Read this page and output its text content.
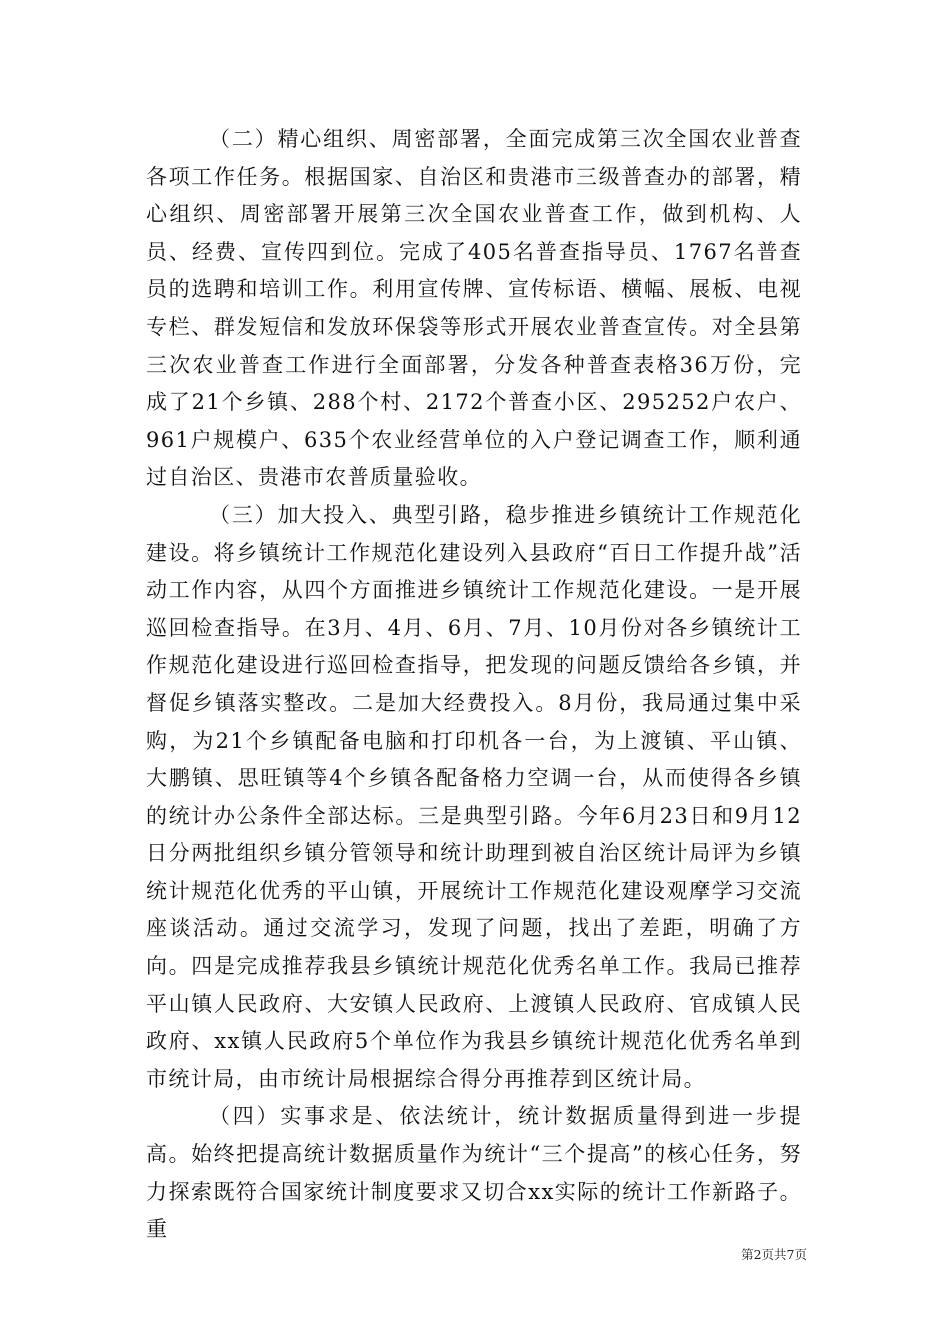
（二）精心组织、周密部署，全面完成第三次全国农业普查各项工作任务。根据国家、自治区和贵港市三级普查办的部署，精心组织、周密部署开展第三次全国农业普查工作，做到机构、人员、经费、宣传四到位。完成了405名普查指导员、1767名普查员的选聘和培训工作。利用宣传牌、宣传标语、横幅、展板、电视专栏、群发短信和发放环保袋等形式开展农业普查宣传。对全县第三次农业普查工作进行全面部署，分发各种普查表格36万份，完成了21个乡镇、288个村、2172个普查小区、295252户农户、961户规模户、635个农业经营单位的入户登记调查工作，顺利通过自治区、贵港市农普质量验收。

（三）加大投入、典型引路，稳步推进乡镇统计工作规范化建设。将乡镇统计工作规范化建设列入县政府“百日工作提升战”活动工作内容，从四个方面推进乡镇统计工作规范化建设。一是开展巡回检查指导。在3月、4月、6月、7月、10月份对各乡镇统计工作规范化建设进行巡回检查指导，把发现的问题反馈给各乡镇，并督促乡镇落实整改。二是加大经费投入。8月份，我局通过集中采购，为21个乡镇配备电脑和打印机各一台，为上渡镇、平山镇、大鹏镇、思旺镇等4个乡镇各配备格力空调一台，从而使得各乡镇的统计办公条件全部达标。三是典型引路。今年6月23日和9月12日分两批组织乡镇分管领导和统计助理到被自治区统计局评为乡镇统计规范化优秀的平山镇，开展统计工作规范化建设观摩学习交流座谈活动。通过交流学习，发现了问题，找出了差距，明确了方向。四是完成推荐我县乡镇统计规范化优秀名单工作。我局已推荐平山镇人民政府、大安镇人民政府、上渡镇人民政府、官成镇人民政府、xx镇人民政府5个单位作为我县乡镇统计规范化优秀名单到市统计局，由市统计局根据综合得分再推荐到区统计局。

（四）实事求是、依法统计，统计数据质量得到进一步提高。始终把提高统计数据质量作为统计“三个提高”的核心任务，努力探索既符合国家统计制度要求又切合xx实际的统计工作新路子。重

第2页共7页
